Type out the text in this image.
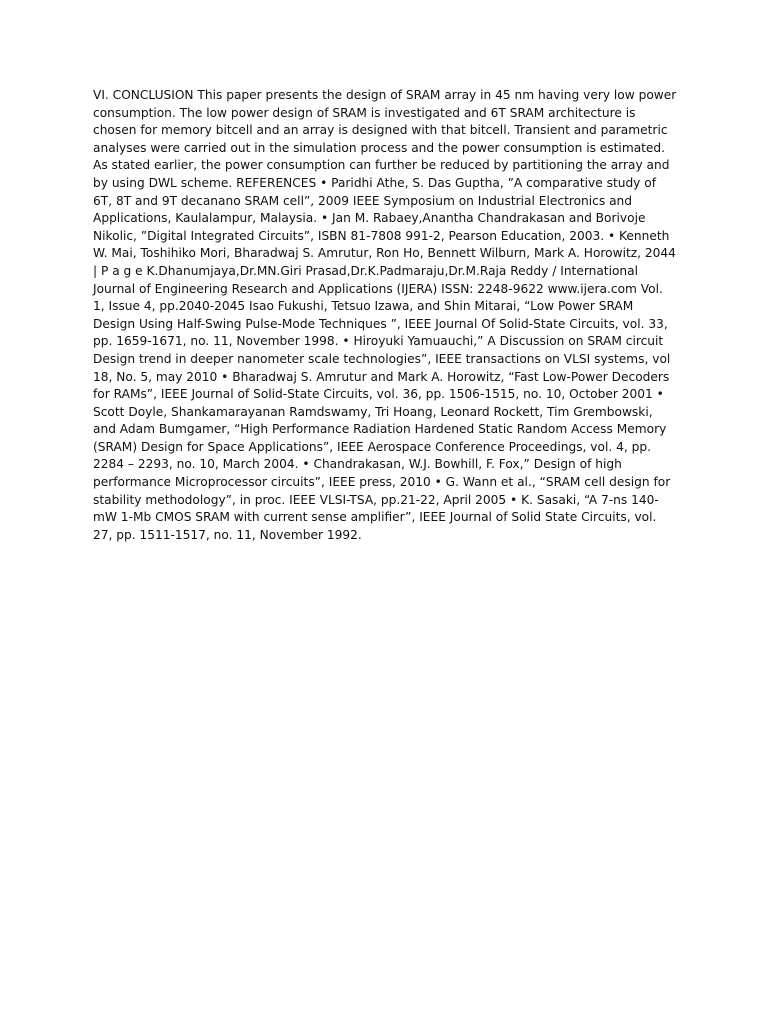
VI. CONCLUSION This paper presents the design of SRAM array in 45 nm having very low power consumption. The low power design of SRAM is investigated and 6T SRAM architecture is chosen for memory bitcell and an array is designed with that bitcell. Transient and parametric analyses were carried out in the simulation process and the power consumption is estimated. As stated earlier, the power consumption can further be reduced by partitioning the array and by using DWL scheme. REFERENCES • Paridhi Athe, S. Das Guptha, ”A comparative study of 6T, 8T and 9T decanano SRAM cell”, 2009 IEEE Symposium on Industrial Electronics and Applications, Kaulalampur, Malaysia. • Jan M. Rabaey,Anantha Chandrakasan and Borivoje Nikolic, ”Digital Integrated Circuits”, ISBN 81-7808 991-2, Pearson Education, 2003. • Kenneth W. Mai, Toshihiko Mori, Bharadwaj S. Amrutur, Ron Ho, Bennett Wilburn, Mark A. Horowitz, 2044 | P a g e K.Dhanumjaya,Dr.MN.Giri Prasad,Dr.K.Padmaraju,Dr.M.Raja Reddy / International Journal of Engineering Research and Applications (IJERA) ISSN: 2248-9622 www.ijera.com Vol. 1, Issue 4, pp.2040-2045 Isao Fukushi, Tetsuo Izawa, and Shin Mitarai, “Low Power SRAM Design Using Half-Swing Pulse-Mode Techniques ”, IEEE Journal Of Solid-State Circuits, vol. 33, pp. 1659-1671, no. 11, November 1998. • Hiroyuki Yamuauchi,” A Discussion on SRAM circuit Design trend in deeper nanometer scale technologies”, IEEE transactions on VLSI systems, vol 18, No. 5, may 2010 • Bharadwaj S. Amrutur and Mark A. Horowitz, “Fast Low-Power Decoders for RAMs”, IEEE Journal of Solid-State Circuits, vol. 36, pp. 1506-1515, no. 10, October 2001 • Scott Doyle, Shankamarayanan Ramdswamy, Tri Hoang, Leonard Rockett, Tim Grembowski, and Adam Bumgamer, “High Performance Radiation Hardened Static Random Access Memory (SRAM) Design for Space Applications”, IEEE Aerospace Conference Proceedings, vol. 4, pp. 2284 – 2293, no. 10, March 2004. • Chandrakasan, W.J. Bowhill, F. Fox,” Design of high performance Microprocessor circuits”, IEEE press, 2010 • G. Wann et al., “SRAM cell design for stability methodology”, in proc. IEEE VLSI-TSA, pp.21-22, April 2005 • K. Sasaki, “A 7-ns 140-mW 1-Mb CMOS SRAM with current sense amplifier”, IEEE Journal of Solid State Circuits, vol. 27, pp. 1511-1517, no. 11, November 1992.
